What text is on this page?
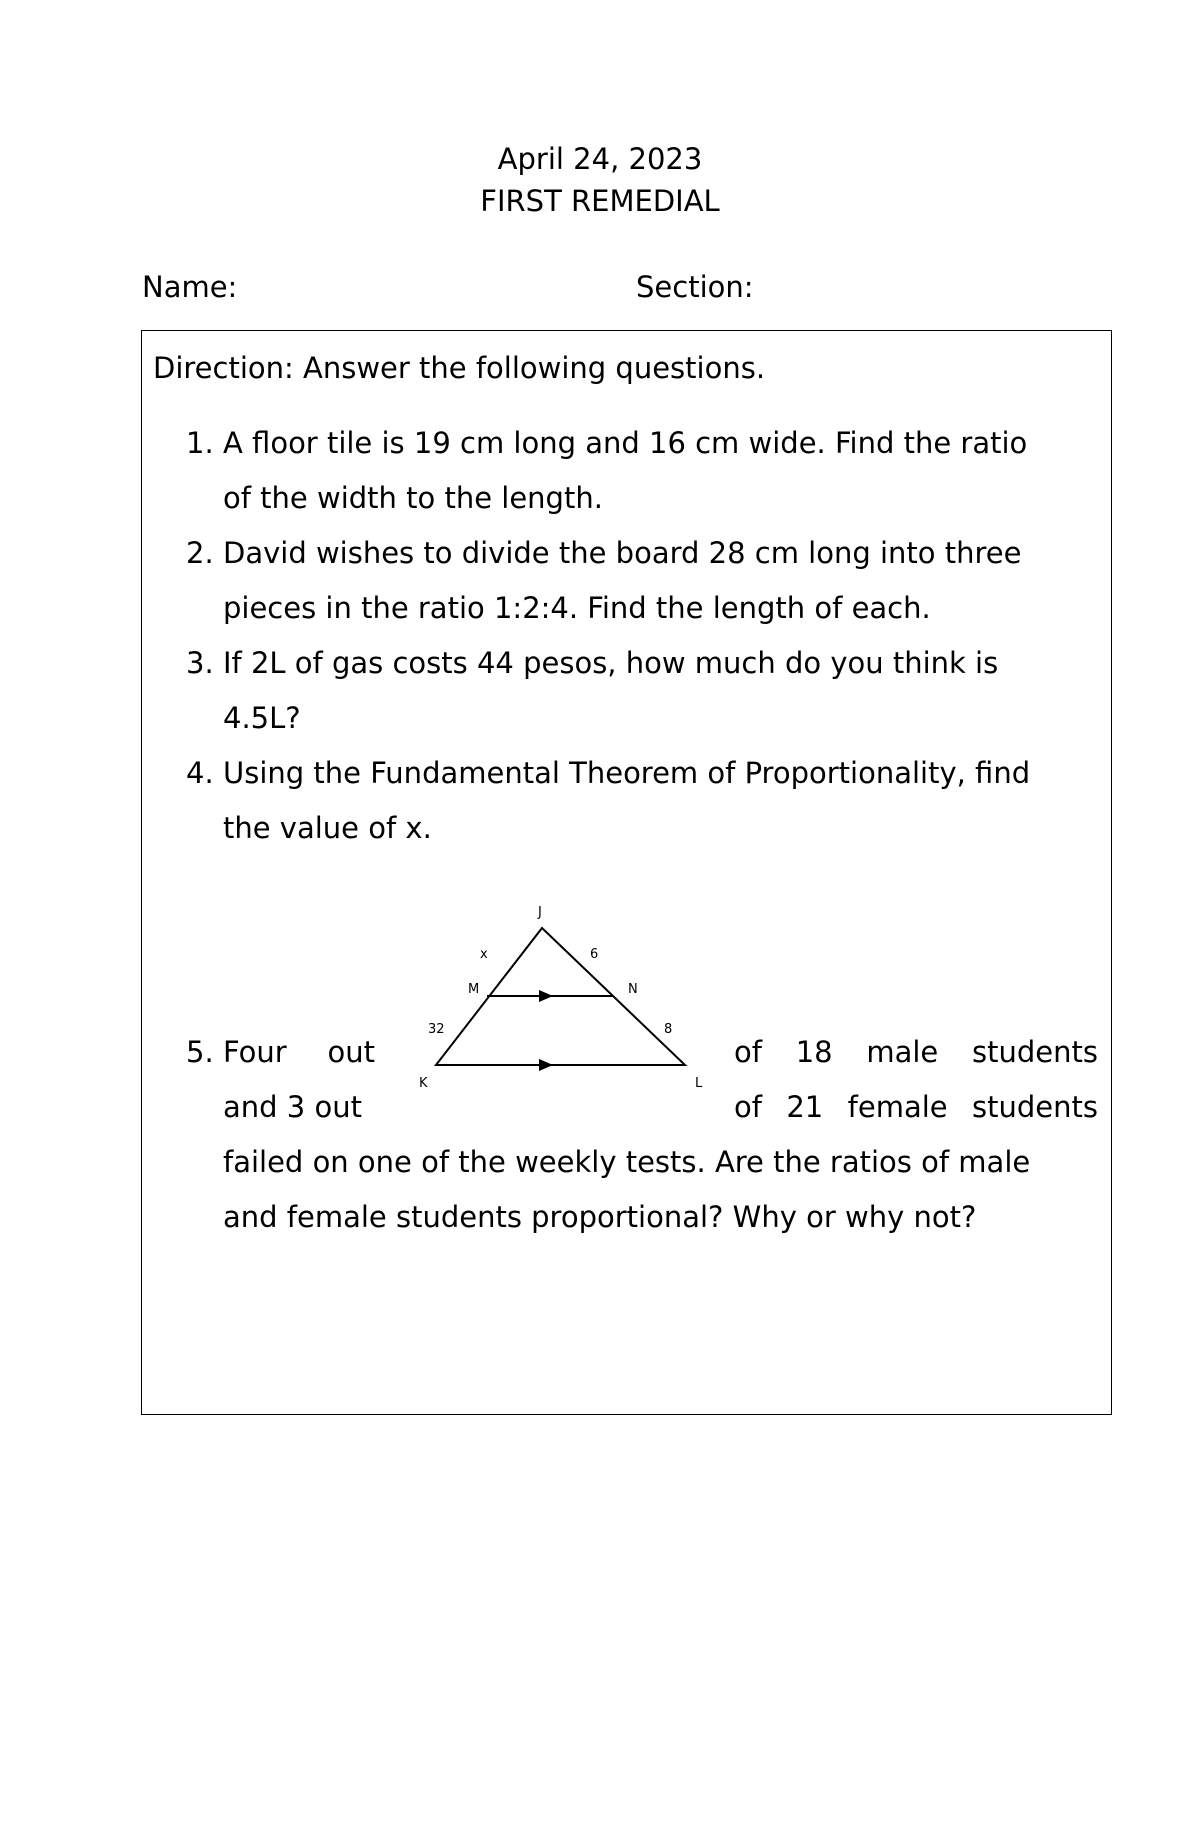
April 24, 2023
FIRST REMEDIAL
Name:	Section:
Direction: Answer the following questions.
1. A floor tile is 19 cm long and 16 cm wide. Find the ratio
of the width to the length.
2. David wishes to divide the board 28 cm long into three
pieces in the ratio 1:2:4. Find the length of each.
3. If 2L of gas costs 44 pesos, how much do you think is
4.5L?
4. Using the Fundamental Theorem of Proportionality, find
the value of x.
J
M	N
K	L
x	6
32	8
5. Four out
and 3 out
of 18 male students
of 21 female students
failed on one of the weekly tests. Are the ratios of male
and female students proportional? Why or why not?
